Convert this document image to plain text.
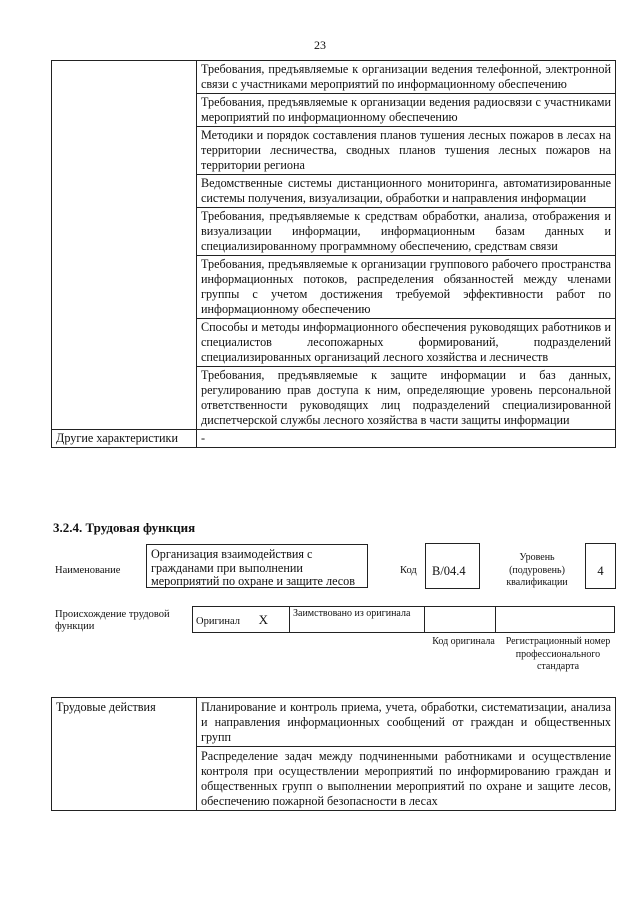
23
	Требования, предъявляемые к организации ведения телефонной, электронной связи с участниками мероприятий по информационному обеспечению
	Требования, предъявляемые к организации ведения радиосвязи с участниками мероприятий по информационному обеспечению
	Методики и порядок составления планов тушения лесных пожаров в лесах на территории лесничества, сводных планов тушения лесных пожаров на территории региона
	Ведомственные системы дистанционного мониторинга, автоматизированные системы получения, визуализации, обработки и направления информации
	Требования, предъявляемые к средствам обработки, анализа, отображения и визуализации информации, информационным базам данных и специализированному программному обеспечению, средствам связи
	Требования, предъявляемые к организации группового рабочего пространства информационных потоков, распределения обязанностей между членами группы с учетом достижения требуемой эффективности работ по информационному обеспечению
	Способы и методы информационного обеспечения руководящих работников и специалистов лесопожарных формирований, подразделений специализированных организаций лесного хозяйства и лесничеств
	Требования, предъявляемые к защите информации и баз данных, регулированию прав доступа к ним, определяющие уровень персональной ответственности руководящих лиц подразделений специализированной диспетчерской службы лесного хозяйства в части защиты информации
Другие характеристики	-
3.2.4. Трудовая функция
Наименование
Организация взаимодействия с гражданами при выполнении мероприятий по охране и защите лесов
Код	B/04.4
Уровень (подуровень) квалификации
4
Происхождение трудовой функции	Оригинал X	Заимствовано из оригинала		
Код оригинала	Регистрационный номер профессионального стандарта
Трудовые действия	Планирование и контроль приема, учета, обработки, систематизации, анализа и направления информационных сообщений от граждан и общественных групп
Распределение задач между подчиненными работниками и осуществление контроля при осуществлении мероприятий по информированию граждан и общественных групп о выполнении мероприятий по охране и защите лесов, обеспечению пожарной безопасности в лесах
